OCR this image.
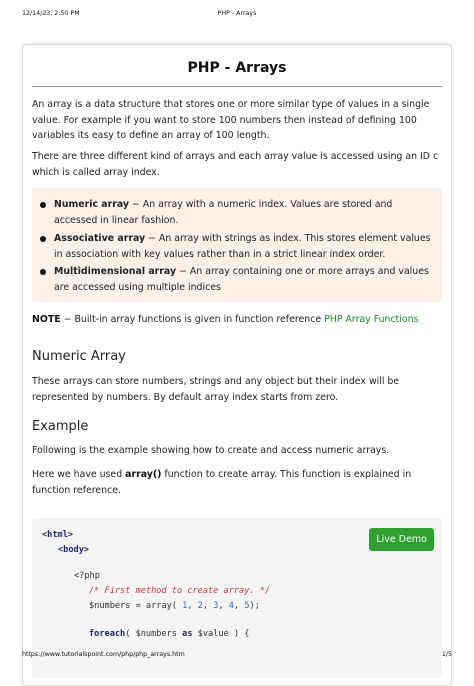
12/14/23, 2:50 PM	PHP - Arrays
PHP - Arrays
An array is a data structure that stores one or more similar type of values in a single value. For example if you want to store 100 numbers then instead of defining 100 variables its easy to define an array of 100 length.
There are three different kind of arrays and each array value is accessed using an ID c which is called array index.
Numeric array − An array with a numeric index. Values are stored and accessed in linear fashion.
Associative array − An array with strings as index. This stores element values in association with key values rather than in a strict linear index order.
Multidimensional array − An array containing one or more arrays and values are accessed using multiple indices
NOTE − Built-in array functions is given in function reference PHP Array Functions
Numeric Array
These arrays can store numbers, strings and any object but their index will be represented by numbers. By default array index starts from zero.
Example
Following is the example showing how to create and access numeric arrays.
Here we have used array() function to create array. This function is explained in function reference.
Live Demo
<html>
<body>
<?php
/* First method to create array. */
$numbers = array( 1, 2, 3, 4, 5);
foreach( $numbers as $value ) {
https://www.tutorialspoint.com/php/php_arrays.htm	1/5
